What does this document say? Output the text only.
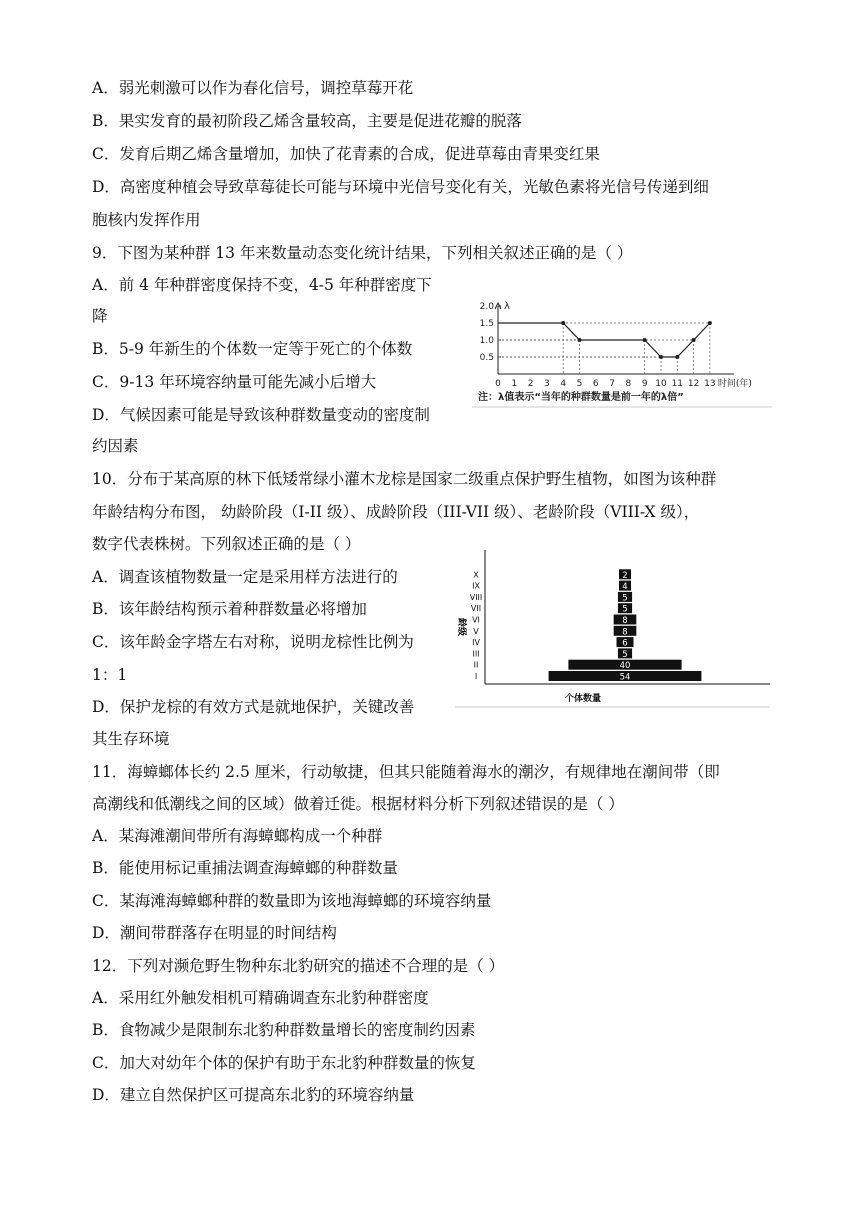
A．弱光刺激可以作为春化信号，调控草莓开花
B．果实发育的最初阶段乙烯含量较高，主要是促进花瓣的脱落
C．发育后期乙烯含量增加，加快了花青素的合成，促进草莓由青果变红果
D．高密度种植会导致草莓徒长可能与环境中光信号变化有关，光敏色素将光信号传递到细
胞核内发挥作用
9．下图为某种群 13 年来数量动态变化统计结果，下列相关叙述正确的是（ ）
A．前 4 年种群密度保持不变，4-5 年种群密度下
降
B．5-9 年新生的个体数一定等于死亡的个体数
C．9-13 年环境容纳量可能先减小后增大
D．气候因素可能是导致该种群数量变动的密度制
约因素
10．分布于某高原的林下低矮常绿小灌木龙棕是国家二级重点保护野生植物，如图为该种群
年龄结构分布图， 幼龄阶段（I-II 级）、成龄阶段（III-VII 级）、老龄阶段（VIII-X 级），
数字代表株树。下列叙述正确的是（ ）
A．调查该植物数量一定是采用样方法进行的
B．该年龄结构预示着种群数量必将增加
C．该年龄金字塔左右对称，说明龙棕性比例为
1：1
D．保护龙棕的有效方式是就地保护，关键改善
其生存环境
11．海蟑螂体长约 2.5 厘米，行动敏捷，但其只能随着海水的潮汐，有规律地在潮间带（即
高潮线和低潮线之间的区域）做着迁徙。根据材料分析下列叙述错误的是（ ）
A．某海滩潮间带所有海蟑螂构成一个种群
B．能使用标记重捕法调查海蟑螂的种群数量
C．某海滩海蟑螂种群的数量即为该地海蟑螂的环境容纳量
D．潮间带群落存在明显的时间结构
12．下列对濒危野生物种东北豹研究的描述不合理的是（ ）
A．采用红外触发相机可精确调查东北豹种群密度
B．食物减少是限制东北豹种群数量增长的密度制约因素
C．加大对幼年个体的保护有助于东北豹种群数量的恢复
D．建立自然保护区可提高东北豹的环境容纳量
λ
0.5
1.0
1.5
2.0
0 1 2 3 4 5 6 7 8 9 10 11 12 13 时间(年)
注：λ值表示“当年的种群数量是前一年的λ倍”
龄级
个体数量
I	54
II	40
III	5
IV	6
V	8
VI	8
VII	5
VIII	5
IX	4
X	2
